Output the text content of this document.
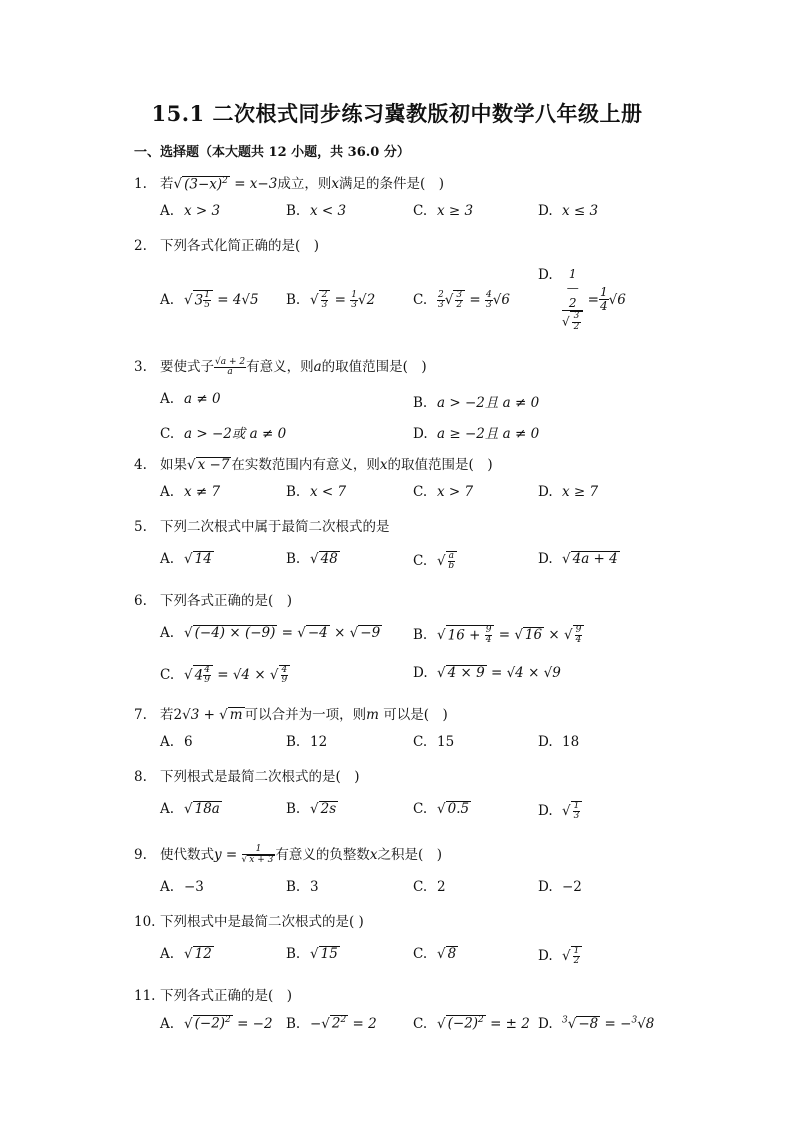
15.1 二次根式同步练习冀教版初中数学八年级上册
一、选择题（本大题共 12 小题，共 36.0 分）
1. 若√ $(3-x)^2 = x-3$成立，则x满足的条件是(　)
A. x > 3	B. x < 3	C. x ≥ 3	D. x ≤ 3
2. 下列各式化简正确的是(　)
A. √ $3 \frac{1}{5} = 4√5$ B. √ $\frac{2}{3} = \frac{1}{3} √2$	C. $\frac{2}{3}$ √ $\frac{3}{2} = \frac{4}{3} √6$
D.	1
—
2
√ $\frac{3}{2}$
= $\frac{1}{4} √6$
3. 要使式子 $\frac{√a + 2}{a}$ 有意义，则a的取值范围是(　)
A. a ≠ 0	B. a > −2且 a ≠ 0
C. a > −2或 a ≠ 0	D. a ≥ −2且 a ≠ 0
4. 如果√ x −7 在实数范围内有意义，则x的取值范围是(　)
A. x ≠ 7	B. x < 7	C. x > 7	D. x ≥ 7
5. 下列二次根式中属于最简二次根式的是
A. √ 14	B. √ 48	C. √ $\frac{a}{b}$	D. √ 4a + 4
6. 下列各式正确的是(　)
A. √ (−4) × (−9) = √ −4 × √ −9 B. √ $16 + \frac{9}{4}$ = √ 16 × √ $\frac{9}{4}$
C. √ $4 \frac{4}{9} = √4$ × √ $\frac{4}{9}$	D. √ 4 × 9 = √4 × √9
7. 若2√3 + √ m 可以合并为一项，则m 可以是(　)
A. 6	B. 12	C. 15	D. 18
8. 下列根式是最简二次根式的是(　)
A. √ 18a	B. √ 2s	C. √ 0.5	D. √ $\frac{1}{3}$
9. 使代数式$y = \frac{1}{√ x + 3}$ 有意义的负整数x之积是(　)
A. −3	B. 3	C. 2	D. −2
10. 下列根式中是最简二次根式的是( )
A. √ 12	B. √ 15	C. √ 8	D. √ $\frac{1}{2}$
11. 下列各式正确的是(　)
A. √ $(-2)^2 = -2$ B. −√ $2^2 = 2$	C. √ $(-2)^2$ = ± 2 D. $^3$√ −8 = −$^3$√8
